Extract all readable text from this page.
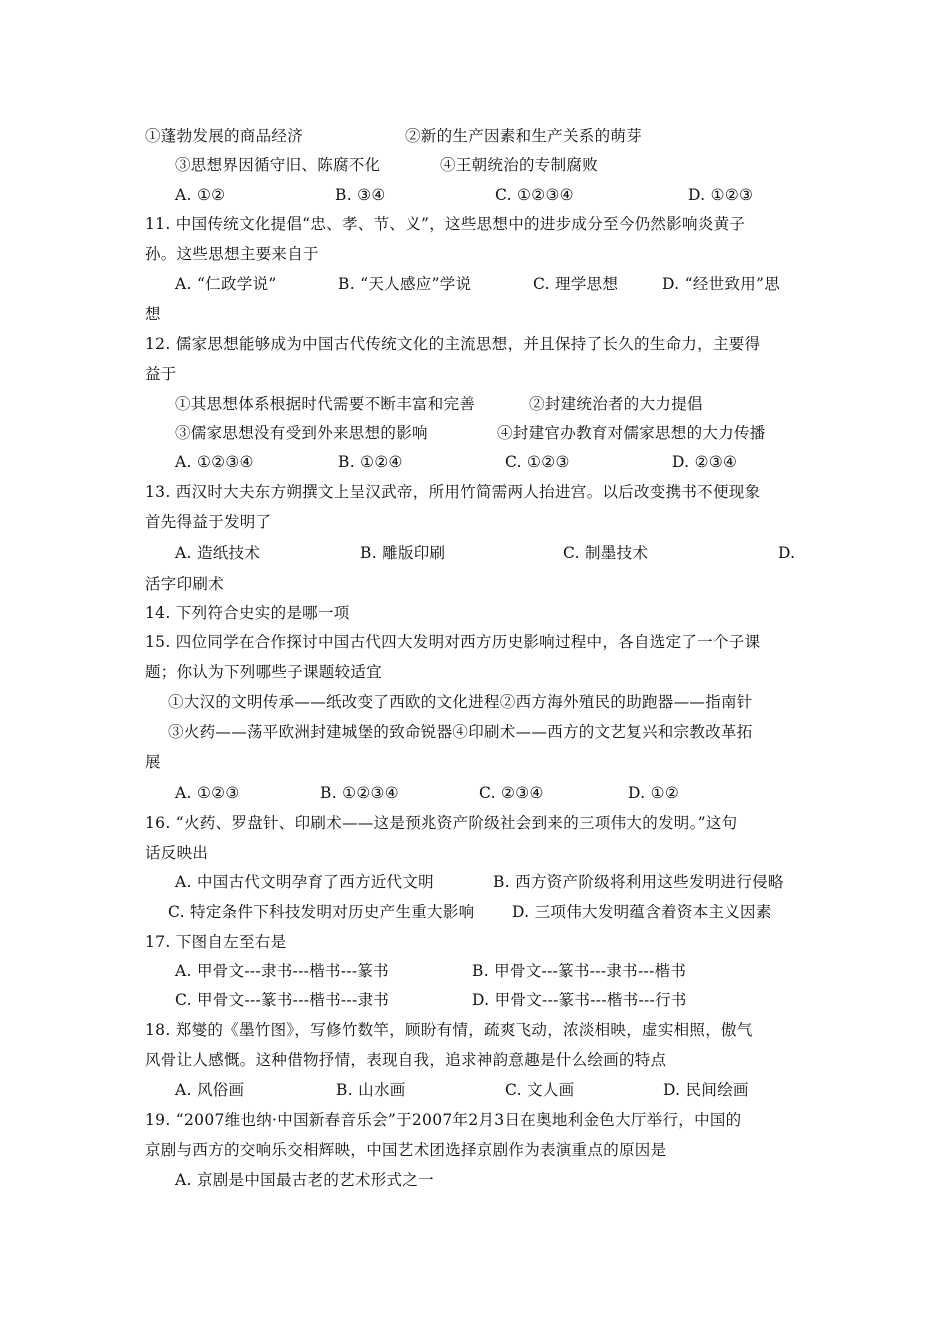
①蓬勃发展的商品经济	②新的生产因素和生产关系的萌芽
③思想界因循守旧、陈腐不化	④王朝统治的专制腐败
A. ①②	B. ③④	C. ①②③④	D. ①②③
11. 中国传统文化提倡“忠、孝、节、义”，这些思想中的进步成分至今仍然影响炎黄子
孙。这些思想主要来自于
A. “仁政学说”	B. “天人感应”学说	C. 理学思想	D. “经世致用”思
想
12. 儒家思想能够成为中国古代传统文化的主流思想，并且保持了长久的生命力，主要得
益于
①其思想体系根据时代需要不断丰富和完善	②封建统治者的大力提倡
③儒家思想没有受到外来思想的影响	④封建官办教育对儒家思想的大力传播
A. ①②③④	B. ①②④	C. ①②③	D. ②③④
13. 西汉时大夫东方朔撰文上呈汉武帝，所用竹简需两人抬进宫。以后改变携书不便现象
首先得益于发明了
A. 造纸技术	B. 雕版印刷	C. 制墨技术	D.
活字印刷术
14. 下列符合史实的是哪一项
15. 四位同学在合作探讨中国古代四大发明对西方历史影响过程中，各自选定了一个子课
题；你认为下列哪些子课题较适宜
①大汉的文明传承——纸改变了西欧的文化进程②西方海外殖民的助跑器——指南针
③火药——荡平欧洲封建城堡的致命锐器④印刷术——西方的文艺复兴和宗教改革拓
展
A. ①②③	B. ①②③④	C. ②③④	D. ①②
16. “火药、罗盘针、印刷术——这是预兆资产阶级社会到来的三项伟大的发明。”这句
话反映出
A. 中国古代文明孕育了西方近代文明	B. 西方资产阶级将利用这些发明进行侵略
C. 特定条件下科技发明对历史产生重大影响 D. 三项伟大发明蕴含着资本主义因素
17. 下图自左至右是
A. 甲骨文---隶书---楷书---篆书	B. 甲骨文---篆书---隶书---楷书
C. 甲骨文---篆书---楷书---隶书	D. 甲骨文---篆书---楷书---行书
18. 郑燮的《墨竹图》，写修竹数竿，顾盼有情，疏爽飞动，浓淡相映，虚实相照，傲气
风骨让人感慨。这种借物抒情，表现自我，追求神韵意趣是什么绘画的特点
A. 风俗画	B. 山水画	C. 文人画	D. 民间绘画
19. “2007维也纳·中国新春音乐会”于2007年2月3日在奥地利金色大厅举行，中国的
京剧与西方的交响乐交相辉映，中国艺术团选择京剧作为表演重点的原因是
A. 京剧是中国最古老的艺术形式之一
